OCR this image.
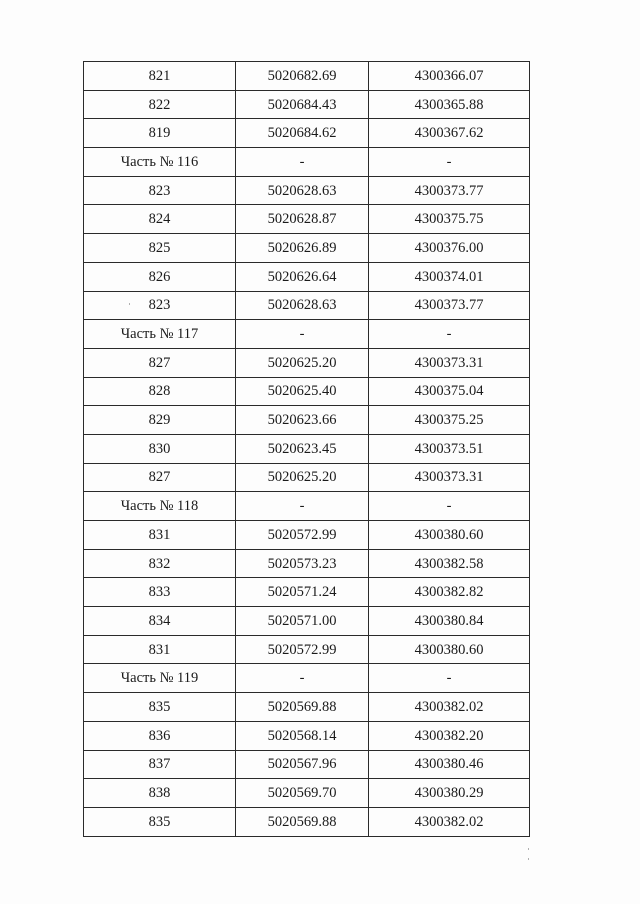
821	5020682.69	4300366.07
822	5020684.43	4300365.88
819	5020684.62	4300367.62
Часть № 116	-	-
823	5020628.63	4300373.77
824	5020628.87	4300375.75
825	5020626.89	4300376.00
826	5020626.64	4300374.01
823	5020628.63	4300373.77
Часть № 117	-	-
827	5020625.20	4300373.31
828	5020625.40	4300375.04
829	5020623.66	4300375.25
830	5020623.45	4300373.51
827	5020625.20	4300373.31
Часть № 118	-	-
831	5020572.99	4300380.60
832	5020573.23	4300382.58
833	5020571.24	4300382.82
834	5020571.00	4300380.84
831	5020572.99	4300380.60
Часть № 119	-	-
835	5020569.88	4300382.02
836	5020568.14	4300382.20
837	5020567.96	4300380.46
838	5020569.70	4300380.29
835	5020569.88	4300382.02
